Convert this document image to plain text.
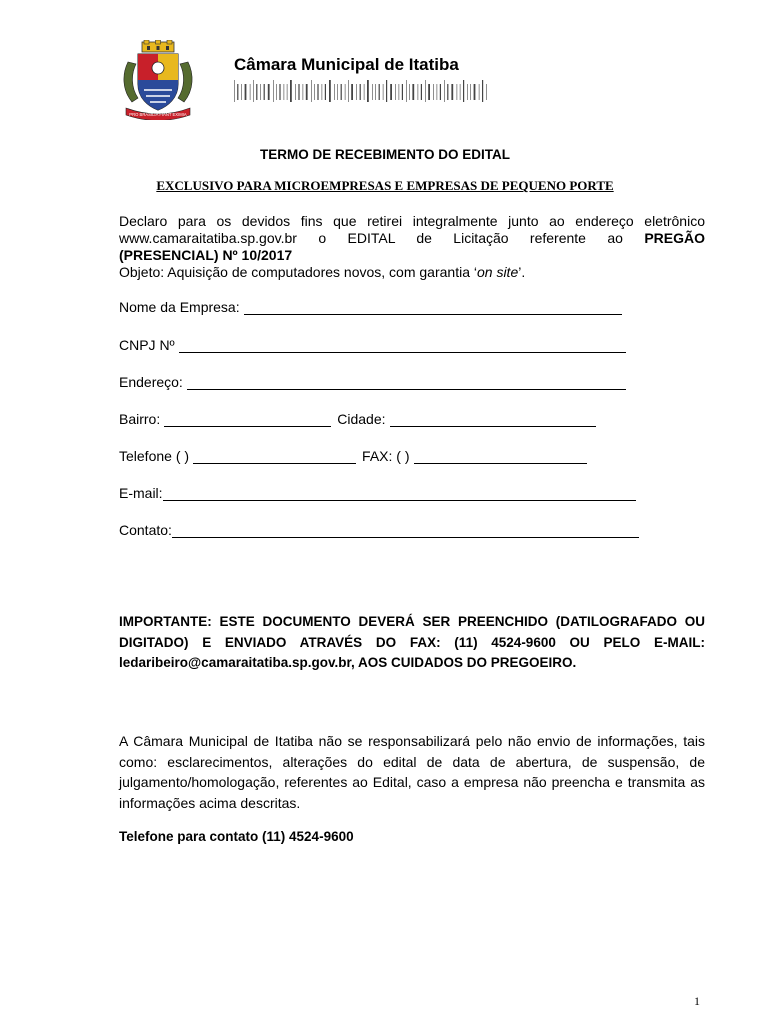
PRO BRASILIA FIANT EXIMIA
Câmara Municipal de Itatiba
TERMO DE RECEBIMENTO DO EDITAL
EXCLUSIVO PARA MICROEMPRESAS E EMPRESAS DE PEQUENO PORTE
Declaro para os devidos fins que retirei integralmente junto ao endereço eletrônico
www.camaraitatiba.sp.gov.br o EDITAL de Licitação referente ao PREGÃO
(PRESENCIAL) Nº 10/2017
Objeto: Aquisição de computadores novos, com garantia ‘on site’.
Nome da Empresa:
CNPJ Nº
Endereço:
Bairro:	Cidade:
Telefone ( )	FAX: ( )
E-mail:
Contato:
IMPORTANTE: ESTE DOCUMENTO DEVERÁ SER PREENCHIDO (DATILOGRAFADO OU DIGITADO) E ENVIADO ATRAVÉS DO FAX: (11) 4524-9600 OU PELO E-MAIL: ledaribeiro@camaraitatiba.sp.gov.br, AOS CUIDADOS DO PREGOEIRO.
A Câmara Municipal de Itatiba não se responsabilizará pelo não envio de informações, tais como: esclarecimentos, alterações do edital de data de abertura, de suspensão, de julgamento/homologação, referentes ao Edital, caso a empresa não preencha e transmita as informações acima descritas.
Telefone para contato (11) 4524-9600
1
